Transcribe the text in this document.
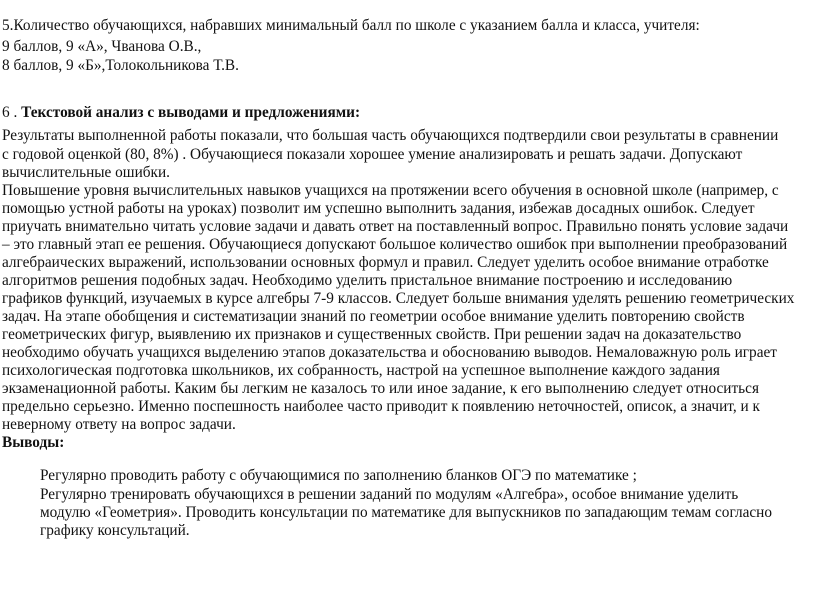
5.Количество обучающихся, набравших минимальный балл по школе с указанием балла и класса, учителя:
9 баллов, 9 «А», Чванова О.В.,
8 баллов, 9 «Б»,Толокольникова Т.В.
6 . Текстовой анализ с выводами и предложениями:
Результаты выполненной работы показали, что большая часть обучающихся подтвердили свои результаты в сравнении
с годовой оценкой (80, 8%) . Обучающиеся показали хорошее умение анализировать и решать задачи. Допускают
вычислительные ошибки.
Повышение уровня вычислительных навыков учащихся на протяжении всего обучения в основной школе (например, с
помощью устной работы на уроках) позволит им успешно выполнить задания, избежав досадных ошибок. Следует
приучать внимательно читать условие задачи и давать ответ на поставленный вопрос. Правильно понять условие задачи
– это главный этап ее решения. Обучающиеся допускают большое количество ошибок при выполнении преобразований
алгебраических выражений, использовании основных формул и правил. Следует уделить особое внимание отработке
алгоритмов решения подобных задач. Необходимо уделить пристальное внимание построению и исследованию
графиков функций, изучаемых в курсе алгебры 7-9 классов. Следует больше внимания уделять решению геометрических
задач. На этапе обобщения и систематизации знаний по геометрии особое внимание уделить повторению свойств
геометрических фигур, выявлению их признаков и существенных свойств. При решении задач на доказательство
необходимо обучать учащихся выделению этапов доказательства и обоснованию выводов. Немаловажную роль играет
психологическая подготовка школьников, их собранность, настрой на успешное выполнение каждого задания
экзаменационной работы. Каким бы легким не казалось то или иное задание, к его выполнению следует относиться
предельно серьезно. Именно поспешность наиболее часто приводит к появлению неточностей, описок, а значит, и к
неверному ответу на вопрос задачи.
Выводы:
Регулярно проводить работу с обучающимися по заполнению бланков ОГЭ по математике ;
Регулярно тренировать обучающихся в решении заданий по модулям «Алгебра», особое внимание уделить
модулю «Геометрия». Проводить консультации по математике для выпускников по западающим темам согласно
графику консультаций.
